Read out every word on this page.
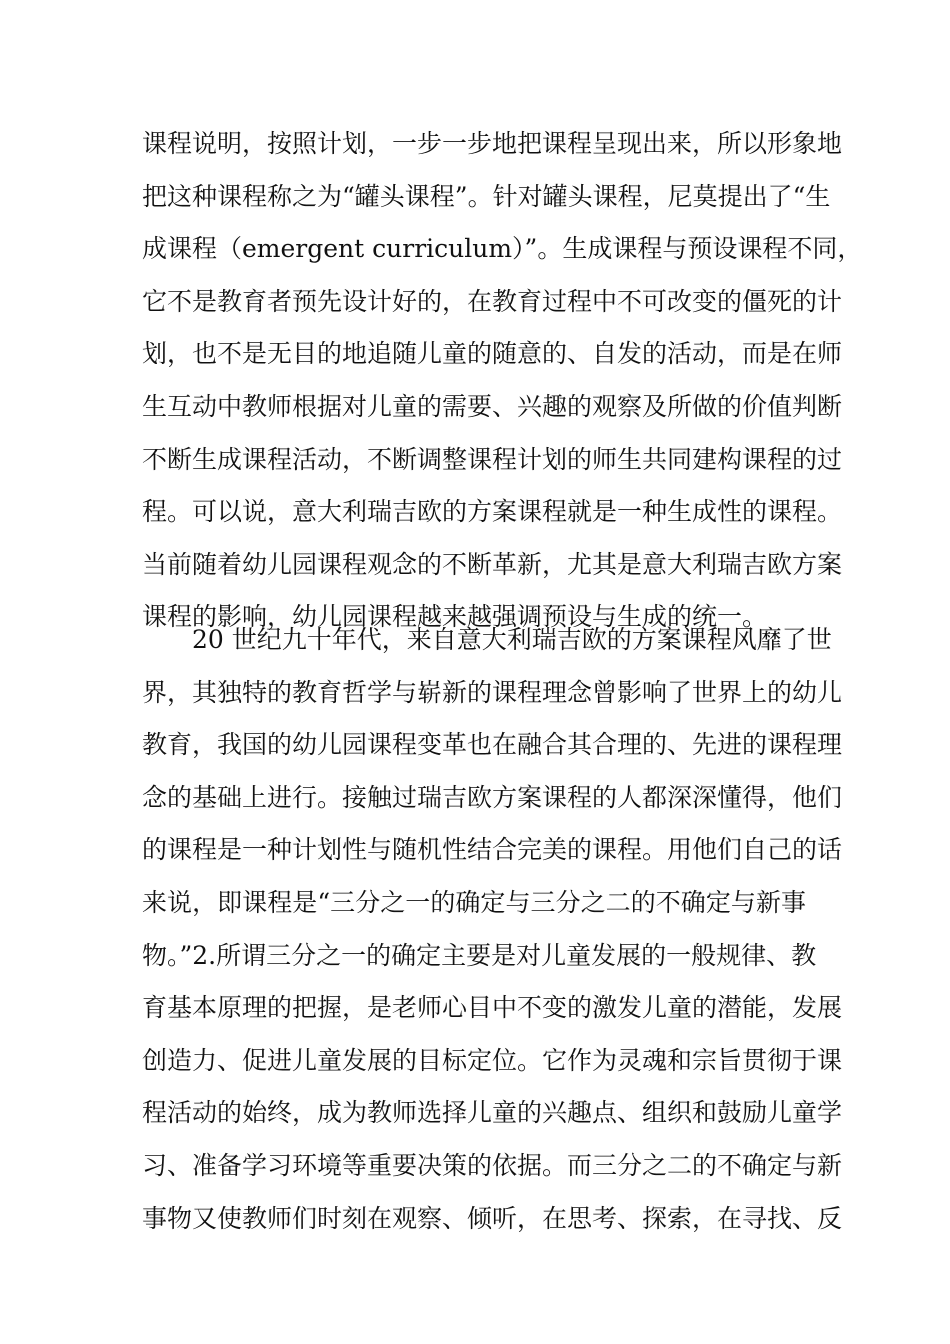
课程说明，按照计划，一步一步地把课程呈现出来，所以形象地
把这种课程称之为“罐头课程”。针对罐头课程，尼莫提出了“生
成课程（emergent curriculum）”。生成课程与预设课程不同，
它不是教育者预先设计好的，在教育过程中不可改变的僵死的计
划，也不是无目的地追随儿童的随意的、自发的活动，而是在师
生互动中教师根据对儿童的需要、兴趣的观察及所做的价值判断
不断生成课程活动，不断调整课程计划的师生共同建构课程的过
程。可以说，意大利瑞吉欧的方案课程就是一种生成性的课程。
当前随着幼儿园课程观念的不断革新，尤其是意大利瑞吉欧方案
课程的影响，幼儿园课程越来越强调预设与生成的统一。
20 世纪九十年代，来自意大利瑞吉欧的方案课程风靡了世
界，其独特的教育哲学与崭新的课程理念曾影响了世界上的幼儿
教育，我国的幼儿园课程变革也在融合其合理的、先进的课程理
念的基础上进行。接触过瑞吉欧方案课程的人都深深懂得，他们
的课程是一种计划性与随机性结合完美的课程。用他们自己的话
来说，即课程是“三分之一的确定与三分之二的不确定与新事
物。”2.所谓三分之一的确定主要是对儿童发展的一般规律、教
育基本原理的把握，是老师心目中不变的激发儿童的潜能，发展
创造力、促进儿童发展的目标定位。它作为灵魂和宗旨贯彻于课
程活动的始终，成为教师选择儿童的兴趣点、组织和鼓励儿童学
习、准备学习环境等重要决策的依据。而三分之二的不确定与新
事物又使教师们时刻在观察、倾听，在思考、探索，在寻找、反
